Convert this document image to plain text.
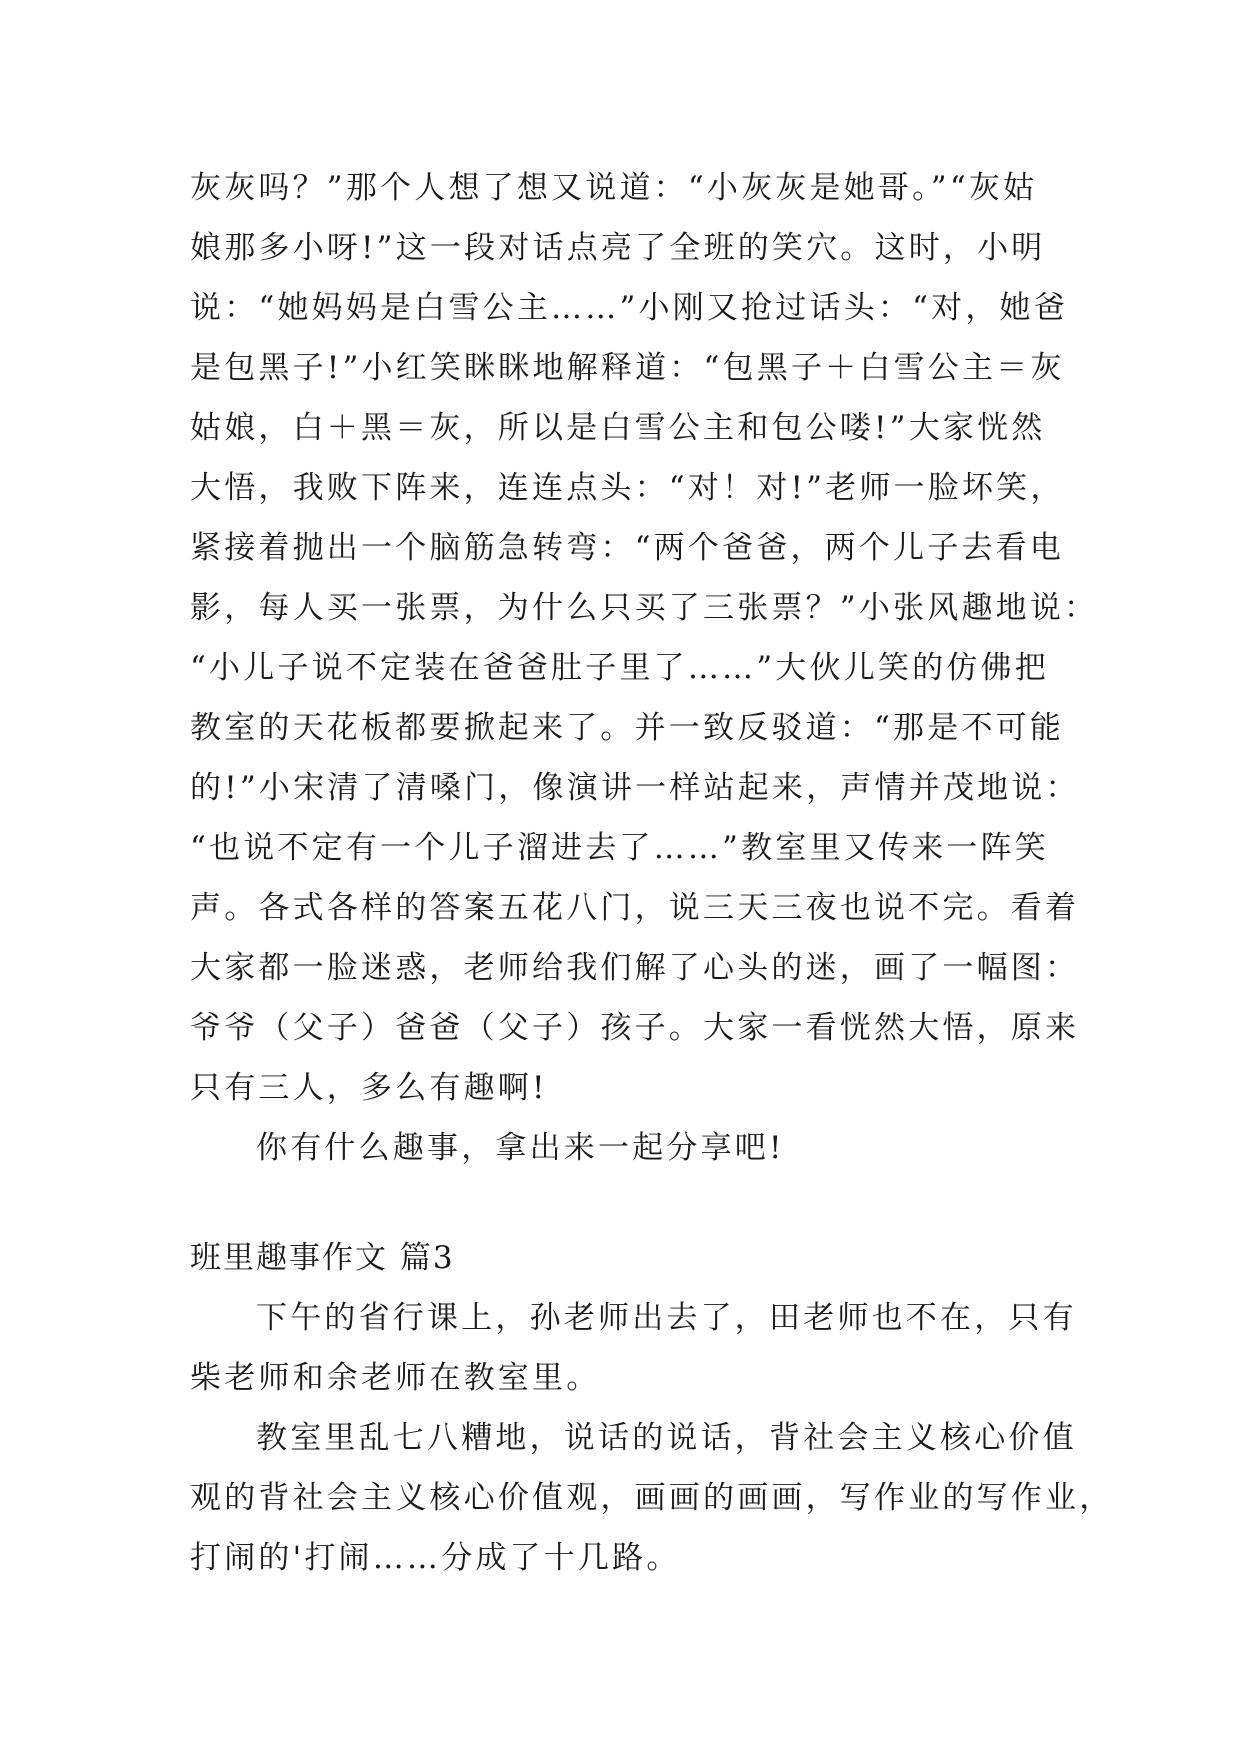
灰灰吗？”那个人想了想又说道：“小灰灰是她哥。”“灰姑
娘那多小呀!”这一段对话点亮了全班的笑穴。这时，小明
说：“她妈妈是白雪公主……”小刚又抢过话头：“对，她爸
是包黑子!”小红笑眯眯地解释道：“包黑子＋白雪公主＝灰
姑娘，白＋黑＝灰，所以是白雪公主和包公喽!”大家恍然
大悟，我败下阵来，连连点头：“对！对!”老师一脸坏笑，
紧接着抛出一个脑筋急转弯：“两个爸爸，两个儿子去看电
影，每人买一张票，为什么只买了三张票？”小张风趣地说：
“小儿子说不定装在爸爸肚子里了……”大伙儿笑的仿佛把
教室的天花板都要掀起来了。并一致反驳道：“那是不可能
的!”小宋清了清嗓门，像演讲一样站起来，声情并茂地说：
“也说不定有一个儿子溜进去了……”教室里又传来一阵笑
声。各式各样的答案五花八门，说三天三夜也说不完。看着
大家都一脸迷惑，老师给我们解了心头的迷，画了一幅图：
爷爷（父子）爸爸（父子）孩子。大家一看恍然大悟，原来
只有三人，多么有趣啊!
你有什么趣事，拿出来一起分享吧!
班里趣事作文 篇3
下午的省行课上，孙老师出去了，田老师也不在，只有
柴老师和余老师在教室里。
教室里乱七八糟地，说话的说话，背社会主义核心价值
观的背社会主义核心价值观，画画的画画，写作业的写作业，
打闹的'打闹……分成了十几路。
